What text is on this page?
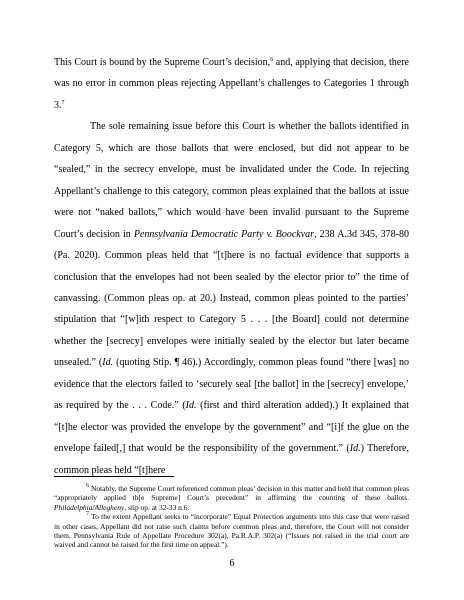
This Court is bound by the Supreme Court’s decision,$^6$ and, applying that decision, there was no error in common pleas rejecting Appellant’s challenges to Categories 1 through 3.$^7$

The sole remaining issue before this Court is whether the ballots identified in Category 5, which are those ballots that were enclosed, but did not appear to be “sealed,” in the secrecy envelope, must be invalidated under the Code. In rejecting Appellant’s challenge to this category, common pleas explained that the ballots at issue were not “naked ballots,” which would have been invalid pursuant to the Supreme Court’s decision in Pennsylvania Democratic Party v. Boockvar, 238 A.3d 345, 378-80 (Pa. 2020). Common pleas held that “[t]here is no factual evidence that supports a conclusion that the envelopes had not been sealed by the elector prior to” the time of canvassing. (Common pleas op. at 20.) Instead, common pleas pointed to the parties’ stipulation that “[w]ith respect to Category 5 . . . [the Board] could not determine whether the [secrecy] envelopes were initially sealed by the elector but later became unsealed.” (Id. (quoting Stip. ¶ 46).) Accordingly, common pleas found “there [was] no evidence that the electors failed to ‘securely seal [the ballot] in the [secrecy] envelope,’ as required by the . . . Code.” (Id. (first and third alteration added).) It explained that “[t]he elector was provided the envelope by the government” and “[i]f the glue on the envelope failed[,] that would be the responsibility of the government.” (Id.) Therefore, common pleas held “[t]here

$^6$ Notably, the Supreme Court referenced common pleas’ decision in this matter and held that common pleas “appropriately applied th[e Supreme] Court’s precedent” in affirming the counting of these ballots. Philadelphia/Allegheny, slip op. at 32-33 n.6.

$^7$ To the extent Appellant seeks to “incorporate” Equal Protection arguments into this case that were raised in other cases, Appellant did not raise such claims before common pleas and, therefore, the Court will not consider them. Pennsylvania Rule of Appellate Procedure 302(a), Pa.R.A.P. 302(a) (“Issues not raised in the trial court are waived and cannot be raised for the first time on appeal.”).

6
